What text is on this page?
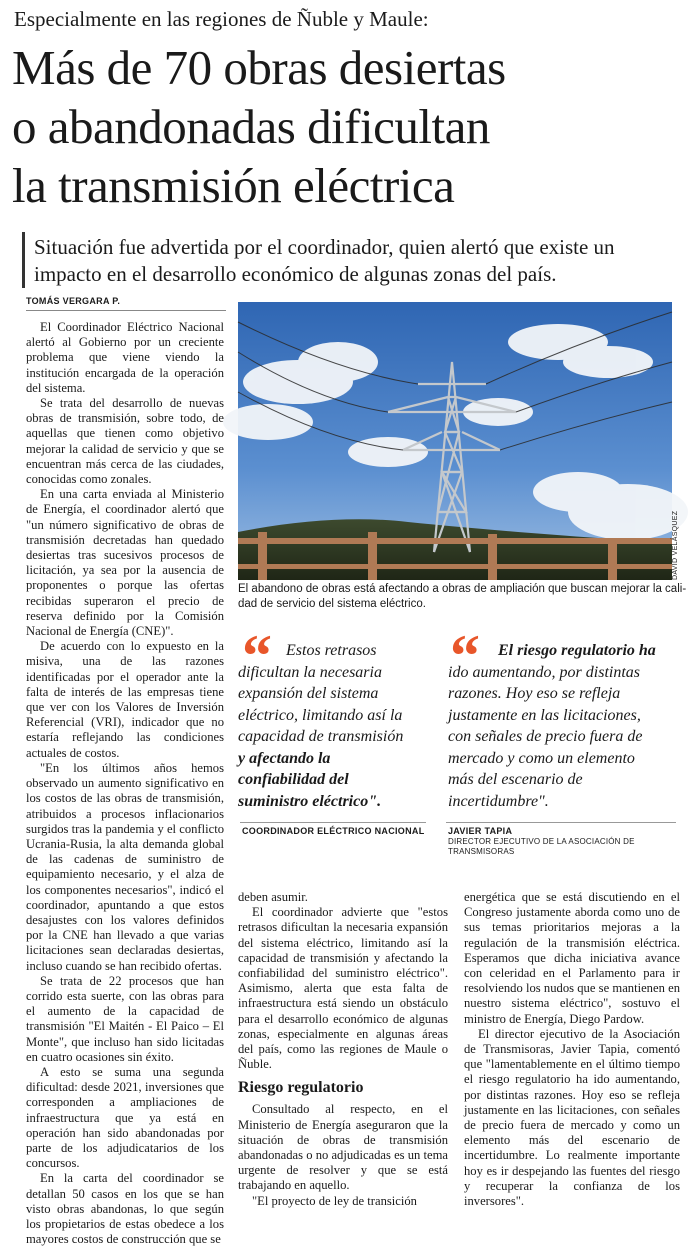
Especialmente en las regiones de Ñuble y Maule:
Más de 70 obras desiertas
o abandonadas dificultan
la transmisión eléctrica
Situación fue advertida por el coordinador, quien alertó que existe un
impacto en el desarrollo económico de algunas zonas del país.
TOMÁS VERGARA P.

El Coordinador Eléctrico Nacional alertó al Gobierno por un creciente problema que viene viendo la institución encargada de la operación del sistema.

Se trata del desarrollo de nuevas obras de transmisión, sobre todo, de aquellas que tienen como objetivo mejorar la calidad de servicio y que se encuentran más cerca de las ciudades, conocidas como zonales.

En una carta enviada al Ministerio de Energía, el coordinador alertó que "un número significativo de obras de transmisión decretadas han quedado desiertas tras sucesivos procesos de licitación, ya sea por la ausencia de proponentes o porque las ofertas recibidas superaron el precio de reserva definido por la Comisión Nacional de Energía (CNE)".

De acuerdo con lo expuesto en la misiva, una de las razones identificadas por el operador ante la falta de interés de las empresas tiene que ver con los Valores de Inversión Referencial (VRI), indicador que no estaría reflejando las condiciones actuales de costos.

"En los últimos años hemos observado un aumento significativo en los costos de las obras de transmisión, atribuidos a procesos inflacionarios surgidos tras la pandemia y el conflicto Ucrania-Rusia, la alta demanda global de las cadenas de suministro de equipamiento necesario, y el alza de los componentes necesarios", indicó el coordinador, apuntando a que estos desajustes con los valores definidos por la CNE han llevado a que varias licitaciones sean declaradas desiertas, incluso cuando se han recibido ofertas.

Se trata de 22 procesos que han corrido esta suerte, con las obras para el aumento de la capacidad de transmisión "El Maitén - El Paico – El Monte", que incluso han sido licitadas en cuatro ocasiones sin éxito.

A esto se suma una segunda dificultad: desde 2021, inversiones que corresponden a ampliaciones de infraestructura que ya está en operación han sido abandonadas por parte de los adjudicatarios de los concursos.

En la carta del coordinador se detallan 50 casos en los que se han visto obras abandonas, lo que según los propietarios de estas obedece a los mayores costos de construcción que se

DAVID VELÁSQUEZ
El abandono de obras está afectando a obras de ampliación que buscan mejorar la cali-
dad de servicio del sistema eléctrico.
“ Estos retrasos
dificultan la necesaria
expansión del sistema
eléctrico, limitando así la
capacidad de transmisión
y afectando la
confiabilidad del
suministro eléctrico".
COORDINADOR ELÉCTRICO NACIONAL
“	El riesgo regulatorio ha
ido aumentando, por distintas
razones. Hoy eso se refleja
justamente en las licitaciones,
con señales de precio fuera de
mercado y como un elemento
más del escenario de
incertidumbre".
JAVIER TAPIA
DIRECTOR EJECUTIVO DE LA ASOCIACIÓN DE
TRANSMISORAS

deben asumir.

El coordinador advierte que "estos retrasos dificultan la necesaria expansión del sistema eléctrico, limitando así la capacidad de transmisión y afectando la confiabilidad del suministro eléctrico". Asimismo, alerta que esta falta de infraestructura está siendo un obstáculo para el desarrollo económico de algunas zonas, especialmente en algunas áreas del país, como las regiones de Maule o Ñuble.

Riesgo regulatorio

Consultado al respecto, en el Ministerio de Energía aseguraron que la situación de obras de transmisión abandonadas o no adjudicadas es un tema urgente de resolver y que se está trabajando en aquello.

"El proyecto de ley de transición

energética que se está discutiendo en el Congreso justamente aborda como uno de sus temas prioritarios mejoras a la regulación de la transmisión eléctrica. Esperamos que dicha iniciativa avance con celeridad en el Parlamento para ir resolviendo los nudos que se mantienen en nuestro sistema eléctrico", sostuvo el ministro de Energía, Diego Pardow.

El director ejecutivo de la Asociación de Transmisoras, Javier Tapia, comentó que "lamentablemente en el último tiempo el riesgo regulatorio ha ido aumentando, por distintas razones. Hoy eso se refleja justamente en las licitaciones, con señales de precio fuera de mercado y como un elemento más del escenario de incertidumbre. Lo realmente importante hoy es ir despejando las fuentes del riesgo y recuperar la confianza de los inversores".
